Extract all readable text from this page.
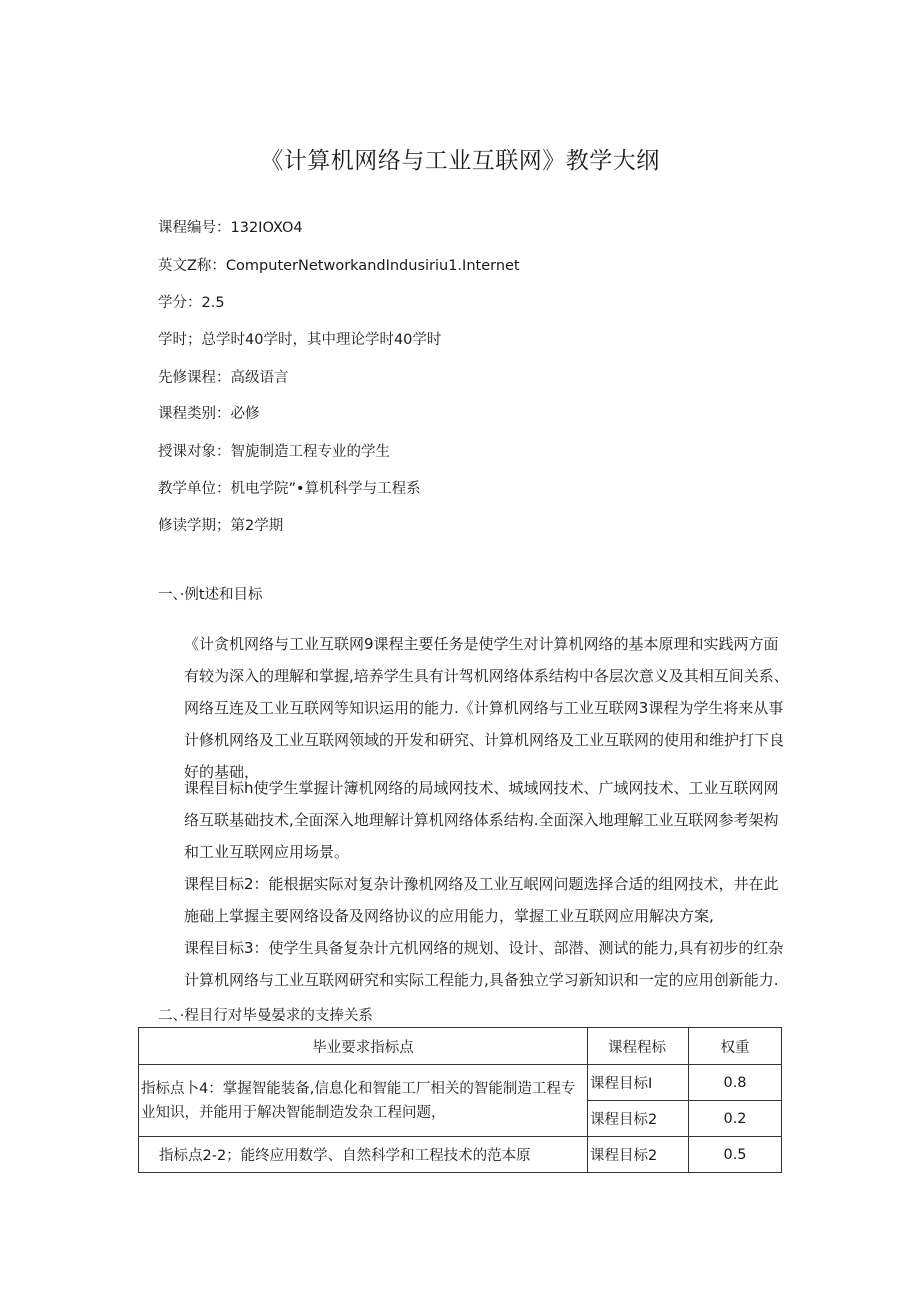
《计算机网络与工业互联网》教学大纲
课程编号：132IOXO4
英文Z称：ComputerNetworkandIndusiriu1.Internet
学分：2.5
学时；总学时40学时，其中理论学时40学时
先修课程：高级语言
课程类别：必修
授课对象：智旎制造工程专业的学生
教学单位：机电学院”•算机科学与工程系
修读学期；第2学期
一、·例t述和目标
《计贪机网络与工业互联网9课程主要任务是使学生对计算机网络的基本原理和实践两方面有较为深入的理解和掌握,培养学生具有计驾机网络体系结构中各层次意义及其相互间关系、网络互连及工业互联网等知识运用的能力.《计算机网络与工业互联网3课程为学生将来从事计修机网络及工业互联网领域的开发和研究、计算机网络及工业互联网的使用和维护打下良好的基础，
课程目标h使学生掌握计簿机网络的局域网技术、城域网技术、广域网技术、工业互联网网络互联基础技术,全面深入地理解计算机网络体系结构.全面深入地理解工业互联网参考架构和工业互联网应用场景。
课程目标2：能根据实际对复杂计豫机网络及工业互岷网问题选择合适的组网技术，井在此施础上掌握主要网络设备及网络协议的应用能力，掌握工业互联网应用解决方案,
课程目标3：使学生具备复杂计亢机网络的规划、设计、部潜、测试的能力,具有初步的红杂计算机网络与工业互联网研究和实际工程能力,具备独立学习新知识和一定的应用创新能力.
二、·程目行对毕曼晏求的支捧关系
毕业要求指标点	课程程标	权重
指标点卜4：掌握智能装备,信息化和智能工厂相关的智能制造工程专业知识，并能用于解决智能制造发杂工程问题，	课程目标I	0.8
	课程目标2	0.2
指标点2-2；能终应用数学、自然科学和工程技术的范本原	课程目标2	0.5
